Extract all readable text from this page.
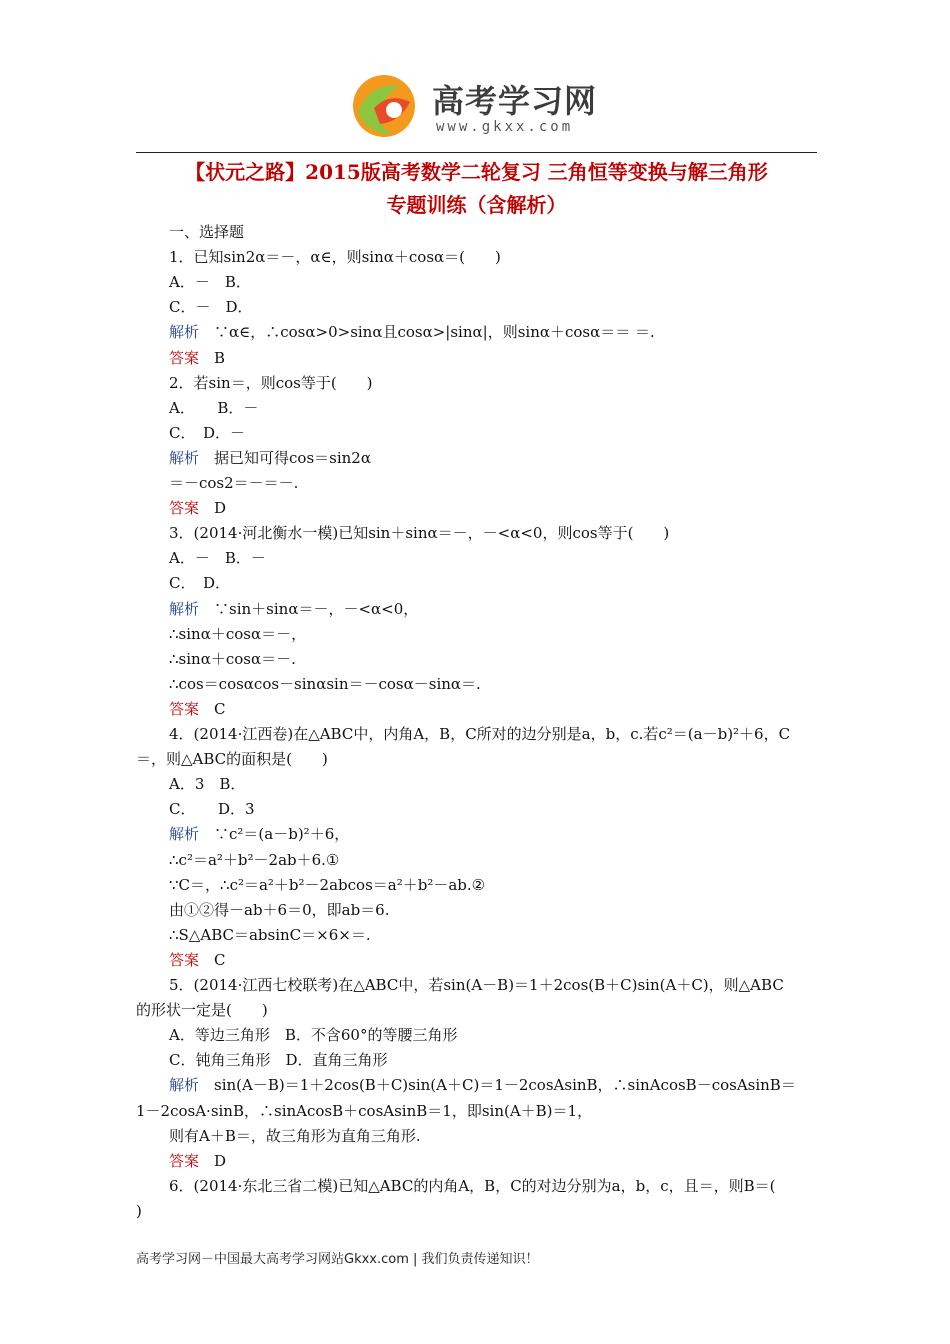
高考学习网
www.gkxx.com
【状元之路】2015版高考数学二轮复习 三角恒等变换与解三角形
专题训练（含解析）
一、选择题
1．已知sin2α＝－，α∈，则sinα＋cosα＝(　　)
A．－　B．
C．－　D．
解析　∵α∈，∴cosα>0>sinα且cosα>|sinα|，则sinα＋cosα＝＝ ＝.
答案　B
2．若sin＝，则cos等于(　　)
A．　　B．－
C．　D．－
解析　据已知可得cos＝sin2α
＝－cos2＝－＝－.
答案　D
3．(2014·河北衡水一模)已知sin＋sinα＝－，－<α<0，则cos等于(　　)
A．－　B．－
C．　D．
解析　∵sin＋sinα＝－，－<α<0，
∴sinα＋cosα＝－，
∴sinα＋cosα＝－.
∴cos＝cosαcos－sinαsin＝－cosα－sinα＝.
答案　C
4．(2014·江西卷)在△ABC中，内角A，B，C所对的边分别是a，b，c.若c²＝(a－b)²＋6，C
＝，则△ABC的面积是(　　)
A．3　B．
C．　　D．3
解析　∵c²＝(a－b)²＋6，
∴c²＝a²＋b²－2ab＋6.①
∵C＝，∴c²＝a²＋b²－2abcos＝a²＋b²－ab.②
由①②得－ab＋6＝0，即ab＝6.
∴S△ABC＝absinC＝×6×＝.
答案　C
5．(2014·江西七校联考)在△ABC中，若sin(A－B)＝1＋2cos(B＋C)sin(A＋C)，则△ABC
的形状一定是(　　)
A．等边三角形　B．不含60°的等腰三角形
C．钝角三角形　D．直角三角形
解析　sin(A－B)＝1＋2cos(B＋C)sin(A＋C)＝1－2cosAsinB，∴sinAcosB－cosAsinB＝
1－2cosA·sinB，∴sinAcosB＋cosAsinB＝1，即sin(A＋B)＝1，
则有A＋B＝，故三角形为直角三角形.
答案　D
6．(2014·东北三省二模)已知△ABC的内角A，B，C的对边分别为a，b，c，且＝，则B＝(
)
高考学习网－中国最大高考学习网站Gkxx.com | 我们负责传递知识！
